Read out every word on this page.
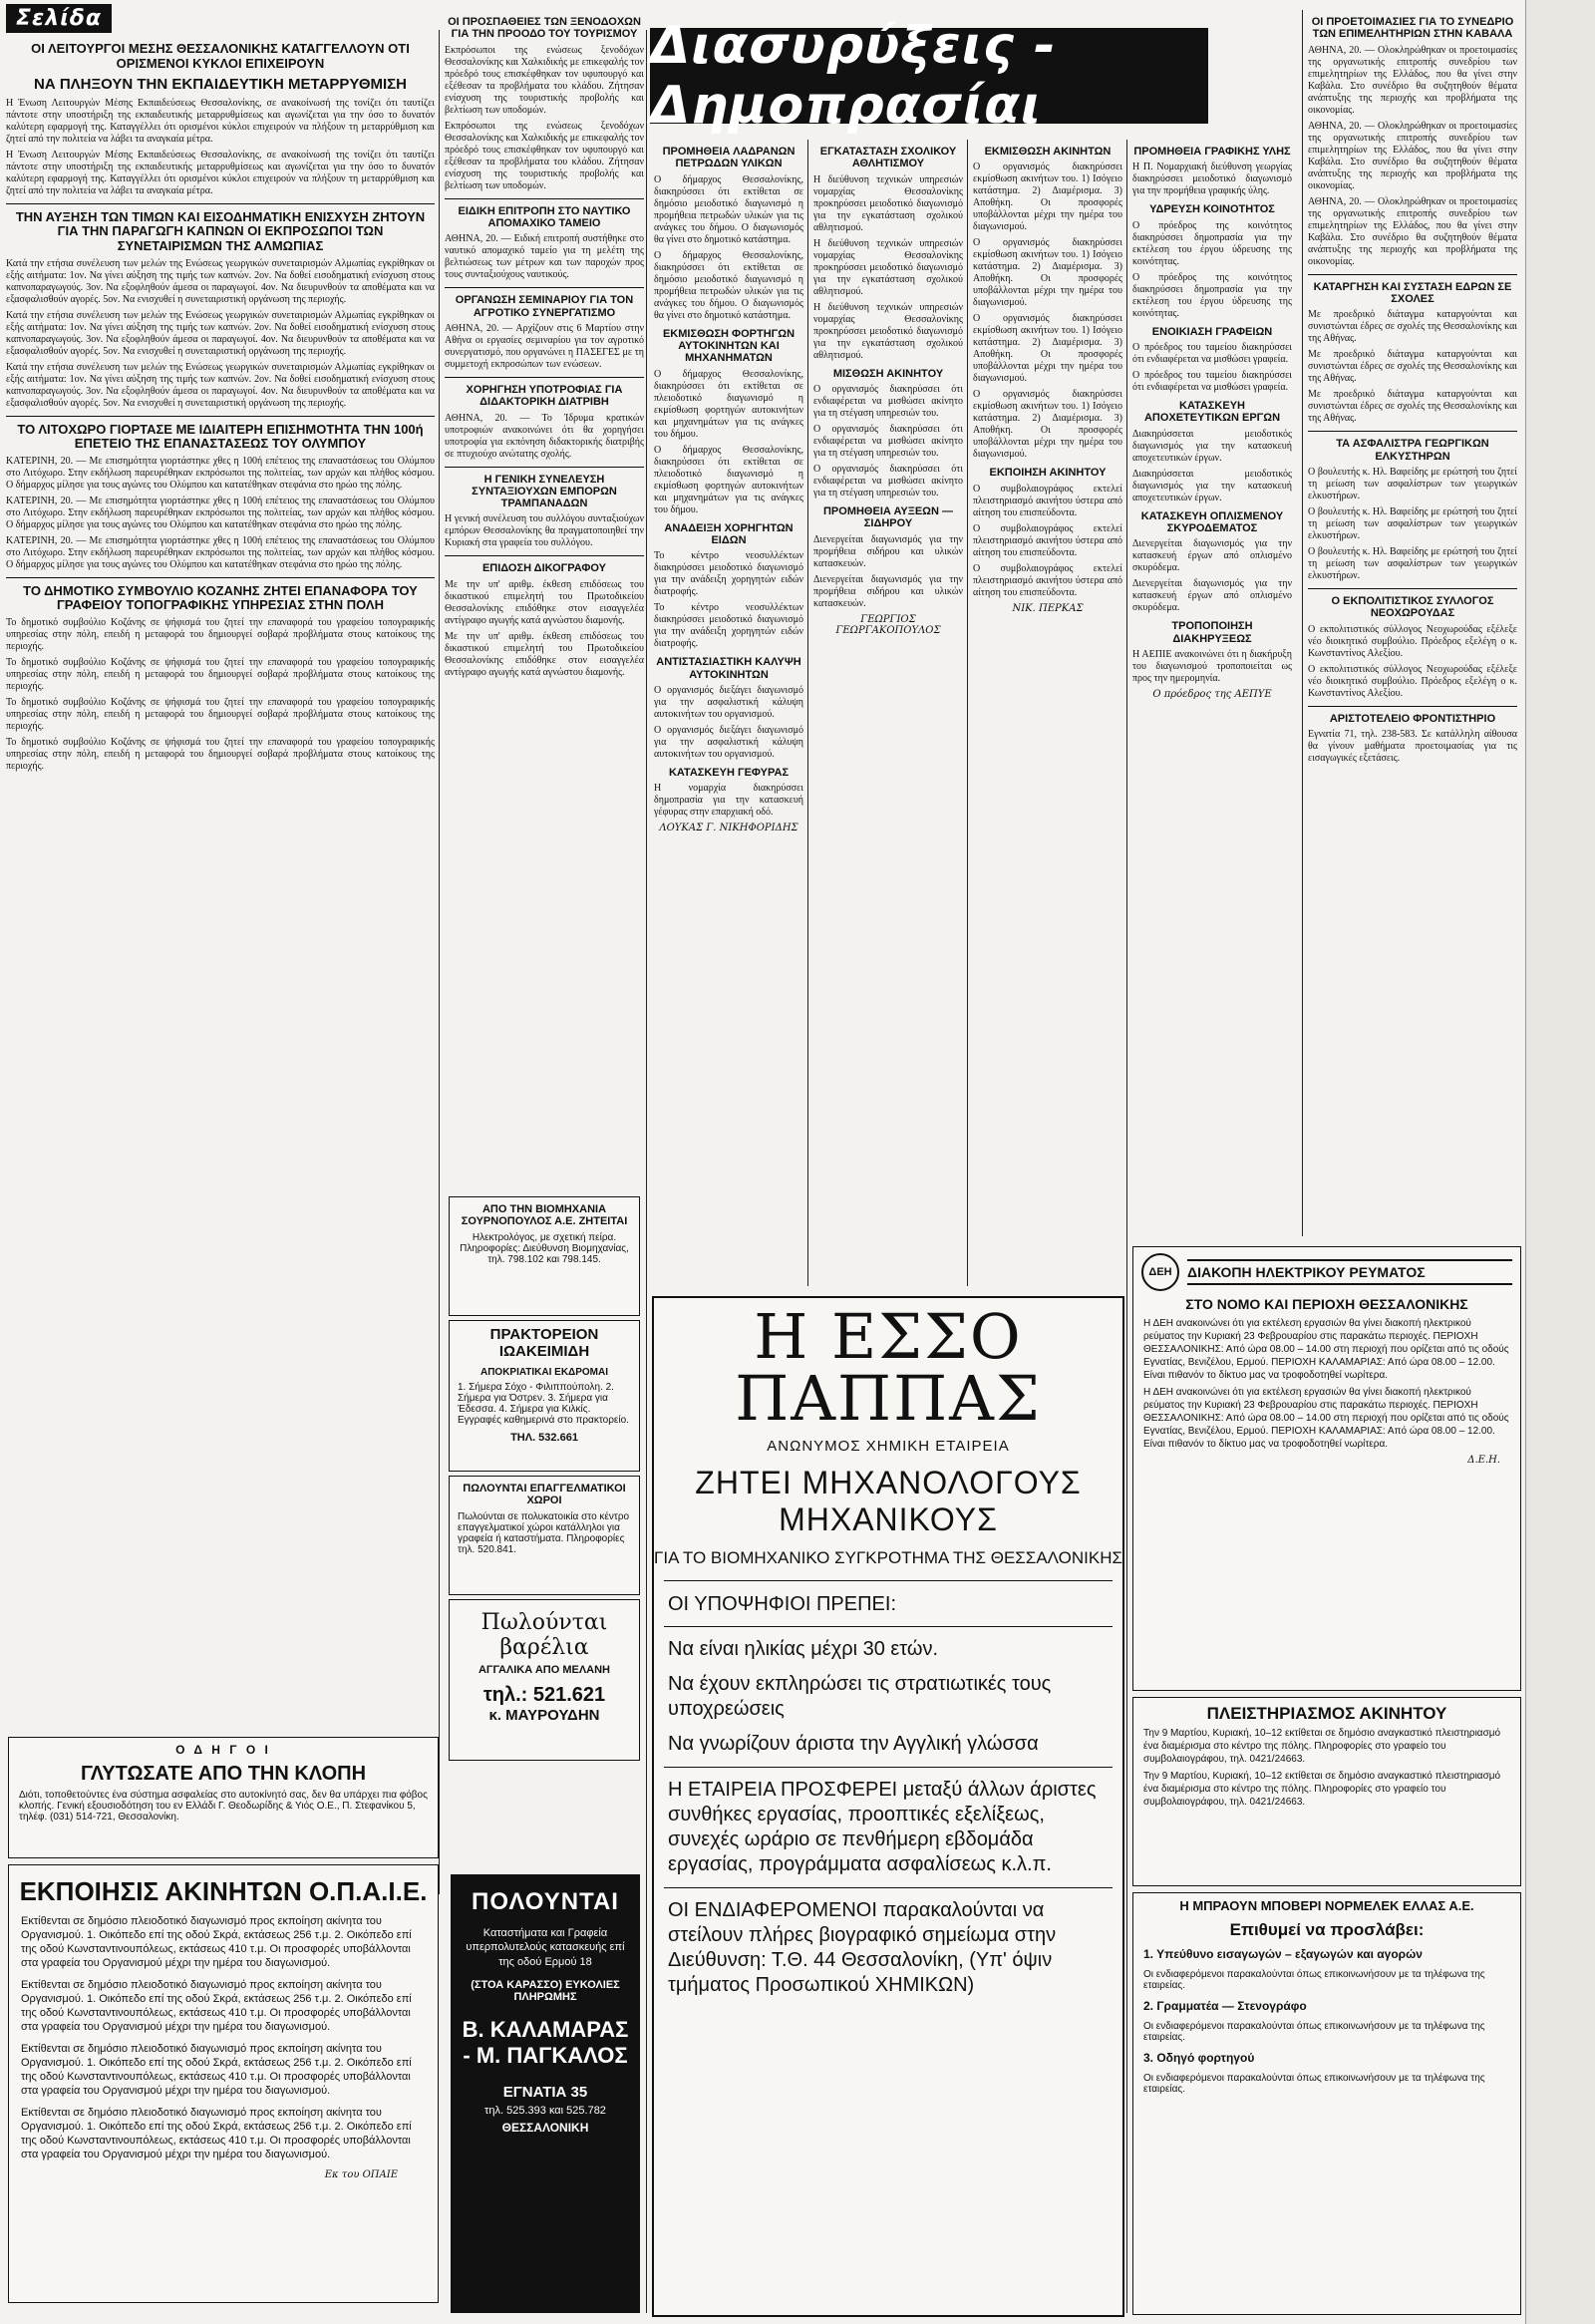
Σελίδα
ΟΙ ΛΕΙΤΟΥΡΓΟΙ ΜΕΣΗΣ ΘΕΣΣΑΛΟΝΙΚΗΣ ΚΑΤΑΓΓΕΛΛΟΥΝ ΟΤΙ ΟΡΙΣΜΕΝΟΙ ΚΥΚΛΟΙ ΕΠΙΧΕΙΡΟΥΝ
ΝΑ ΠΛΗΞΟΥΝ ΤΗΝ ΕΚΠΑΙΔΕΥΤΙΚΗ ΜΕΤΑΡΡΥΘΜΙΣΗ

Η Ένωση Λειτουργών Μέσης Εκπαιδεύσεως Θεσσαλονίκης, σε ανακοίνωσή της τονίζει ότι ταυτίζει πάντοτε στην υποστήριξη της εκπαιδευτικής μεταρρυθμίσεως και αγωνίζεται για την όσο το δυνατόν καλύτερη εφαρμογή της. Καταγγέλλει ότι ορισμένοι κύκλοι επιχειρούν να πλήξουν τη μεταρρύθμιση και ζητεί από την πολιτεία να λάβει τα αναγκαία μέτρα.

Η Ένωση Λειτουργών Μέσης Εκπαιδεύσεως Θεσσαλονίκης, σε ανακοίνωσή της τονίζει ότι ταυτίζει πάντοτε στην υποστήριξη της εκπαιδευτικής μεταρρυθμίσεως και αγωνίζεται για την όσο το δυνατόν καλύτερη εφαρμογή της. Καταγγέλλει ότι ορισμένοι κύκλοι επιχειρούν να πλήξουν τη μεταρρύθμιση και ζητεί από την πολιτεία να λάβει τα αναγκαία μέτρα.

ΤΗΝ ΑΥΞΗΣΗ ΤΩΝ ΤΙΜΩΝ ΚΑΙ ΕΙΣΟΔΗΜΑΤΙΚΗ ΕΝΙΣΧΥΣΗ ΖΗΤΟΥΝ ΓΙΑ ΤΗΝ ΠΑΡΑΓΩΓΗ ΚΑΠΝΩΝ ΟΙ ΕΚΠΡΟΣΩΠΟΙ ΤΩΝ ΣΥΝΕΤΑΙΡΙΣΜΩΝ ΤΗΣ ΑΛΜΩΠΙΑΣ

Κατά την ετήσια συνέλευση των μελών της Ενώσεως γεωργικών συνεταιρισμών Αλμωπίας εγκρίθηκαν οι εξής αιτήματα: 1ον. Να γίνει αύξηση της τιμής των καπνών. 2ον. Να δοθεί εισοδηματική ενίσχυση στους καπνοπαραγωγούς. 3ον. Να εξοφληθούν άμεσα οι παραγωγοί. 4ον. Να διευρυνθούν τα αποθέματα και να εξασφαλισθούν αγορές. 5ον. Να ενισχυθεί η συνεταιριστική οργάνωση της περιοχής.

Κατά την ετήσια συνέλευση των μελών της Ενώσεως γεωργικών συνεταιρισμών Αλμωπίας εγκρίθηκαν οι εξής αιτήματα: 1ον. Να γίνει αύξηση της τιμής των καπνών. 2ον. Να δοθεί εισοδηματική ενίσχυση στους καπνοπαραγωγούς. 3ον. Να εξοφληθούν άμεσα οι παραγωγοί. 4ον. Να διευρυνθούν τα αποθέματα και να εξασφαλισθούν αγορές. 5ον. Να ενισχυθεί η συνεταιριστική οργάνωση της περιοχής.

Κατά την ετήσια συνέλευση των μελών της Ενώσεως γεωργικών συνεταιρισμών Αλμωπίας εγκρίθηκαν οι εξής αιτήματα: 1ον. Να γίνει αύξηση της τιμής των καπνών. 2ον. Να δοθεί εισοδηματική ενίσχυση στους καπνοπαραγωγούς. 3ον. Να εξοφληθούν άμεσα οι παραγωγοί. 4ον. Να διευρυνθούν τα αποθέματα και να εξασφαλισθούν αγορές. 5ον. Να ενισχυθεί η συνεταιριστική οργάνωση της περιοχής.

ΤΟ ΛΙΤΟΧΩΡΟ ΓΙΟΡΤΑΣΕ ΜΕ ΙΔΙΑΙΤΕΡΗ ΕΠΙΣΗΜΟΤΗΤΑ ΤΗΝ 100ή ΕΠΕΤΕΙΟ ΤΗΣ ΕΠΑΝΑΣΤΑΣΕΩΣ ΤΟΥ ΟΛΥΜΠΟΥ

ΚΑΤΕΡΙΝΗ, 20. — Με επισημότητα γιορτάστηκε χθες η 100ή επέτειος της επαναστάσεως του Ολύμπου στο Λιτόχωρο. Στην εκδήλωση παρευρέθηκαν εκπρόσωποι της πολιτείας, των αρχών και πλήθος κόσμου. Ο δήμαρχος μίλησε για τους αγώνες του Ολύμπου και κατατέθηκαν στεφάνια στο ηρώο της πόλης.

ΚΑΤΕΡΙΝΗ, 20. — Με επισημότητα γιορτάστηκε χθες η 100ή επέτειος της επαναστάσεως του Ολύμπου στο Λιτόχωρο. Στην εκδήλωση παρευρέθηκαν εκπρόσωποι της πολιτείας, των αρχών και πλήθος κόσμου. Ο δήμαρχος μίλησε για τους αγώνες του Ολύμπου και κατατέθηκαν στεφάνια στο ηρώο της πόλης.

ΚΑΤΕΡΙΝΗ, 20. — Με επισημότητα γιορτάστηκε χθες η 100ή επέτειος της επαναστάσεως του Ολύμπου στο Λιτόχωρο. Στην εκδήλωση παρευρέθηκαν εκπρόσωποι της πολιτείας, των αρχών και πλήθος κόσμου. Ο δήμαρχος μίλησε για τους αγώνες του Ολύμπου και κατατέθηκαν στεφάνια στο ηρώο της πόλης.

ΤΟ ΔΗΜΟΤΙΚΟ ΣΥΜΒΟΥΛΙΟ ΚΟΖΑΝΗΣ ΖΗΤΕΙ ΕΠΑΝΑΦΟΡΑ ΤΟΥ ΓΡΑΦΕΙΟΥ ΤΟΠΟΓΡΑΦΙΚΗΣ ΥΠΗΡΕΣΙΑΣ ΣΤΗΝ ΠΟΛΗ

Το δημοτικό συμβούλιο Κοζάνης σε ψήφισμά του ζητεί την επαναφορά του γραφείου τοπογραφικής υπηρεσίας στην πόλη, επειδή η μεταφορά του δημιουργεί σοβαρά προβλήματα στους κατοίκους της περιοχής.

Το δημοτικό συμβούλιο Κοζάνης σε ψήφισμά του ζητεί την επαναφορά του γραφείου τοπογραφικής υπηρεσίας στην πόλη, επειδή η μεταφορά του δημιουργεί σοβαρά προβλήματα στους κατοίκους της περιοχής.

Το δημοτικό συμβούλιο Κοζάνης σε ψήφισμά του ζητεί την επαναφορά του γραφείου τοπογραφικής υπηρεσίας στην πόλη, επειδή η μεταφορά του δημιουργεί σοβαρά προβλήματα στους κατοίκους της περιοχής.

Το δημοτικό συμβούλιο Κοζάνης σε ψήφισμά του ζητεί την επαναφορά του γραφείου τοπογραφικής υπηρεσίας στην πόλη, επειδή η μεταφορά του δημιουργεί σοβαρά προβλήματα στους κατοίκους της περιοχής.

ΟΙ ΠΡΟΣΠΑΘΕΙΕΣ ΤΩΝ ΞΕΝΟΔΟΧΩΝ ΓΙΑ ΤΗΝ ΠΡΟΟΔΟ ΤΟΥ ΤΟΥΡΙΣΜΟΥ

Εκπρόσωποι της ενώσεως ξενοδόχων Θεσσαλονίκης και Χαλκιδικής με επικεφαλής τον πρόεδρό τους επισκέφθηκαν τον υφυπουργό και εξέθεσαν τα προβλήματα του κλάδου. Ζήτησαν ενίσχυση της τουριστικής προβολής και βελτίωση των υποδομών.

Εκπρόσωποι της ενώσεως ξενοδόχων Θεσσαλονίκης και Χαλκιδικής με επικεφαλής τον πρόεδρό τους επισκέφθηκαν τον υφυπουργό και εξέθεσαν τα προβλήματα του κλάδου. Ζήτησαν ενίσχυση της τουριστικής προβολής και βελτίωση των υποδομών.

ΕΙΔΙΚΗ ΕΠΙΤΡΟΠΗ ΣΤΟ ΝΑΥΤΙΚΟ ΑΠΟΜΑΧΙΚΟ ΤΑΜΕΙΟ

ΑΘΗΝΑ, 20. — Ειδική επιτροπή συστήθηκε στο ναυτικό απομαχικό ταμείο για τη μελέτη της βελτιώσεως των μέτρων και των παροχών προς τους συνταξιούχους ναυτικούς.

ΟΡΓΑΝΩΣΗ ΣΕΜΙΝΑΡΙΟΥ ΓΙΑ ΤΟΝ ΑΓΡΟΤΙΚΟ ΣΥΝΕΡΓΑΤΙΣΜΟ

ΑΘΗΝΑ, 20. — Αρχίζουν στις 6 Μαρτίου στην Αθήνα οι εργασίες σεμιναρίου για τον αγροτικό συνεργατισμό, που οργανώνει η ΠΑΣΕΓΕΣ με τη συμμετοχή εκπροσώπων των ενώσεων.

ΧΟΡΗΓΗΣΗ ΥΠΟΤΡΟΦΙΑΣ ΓΙΑ ΔΙΔΑΚΤΟΡΙΚΗ ΔΙΑΤΡΙΒΗ

ΑΘΗΝΑ, 20. — Το Ίδρυμα κρατικών υποτροφιών ανακοινώνει ότι θα χορηγήσει υποτροφία για εκπόνηση διδακτορικής διατριβής σε πτυχιούχο ανώτατης σχολής.

Η ΓΕΝΙΚΗ ΣΥΝΕΛΕΥΣΗ ΣΥΝΤΑΞΙΟΥΧΩΝ ΕΜΠΟΡΩΝ ΤΡΑΜΠΑΝΑΔΩΝ

Η γενική συνέλευση του συλλόγου συνταξιούχων εμπόρων Θεσσαλονίκης θα πραγματοποιηθεί την Κυριακή στα γραφεία του συλλόγου.

ΕΠΙΔΟΣΗ ΔΙΚΟΓΡΑΦΟΥ

Με την υπ' αριθμ. έκθεση επιδόσεως του δικαστικού επιμελητή του Πρωτοδικείου Θεσσαλονίκης επιδόθηκε στον εισαγγελέα αντίγραφο αγωγής κατά αγνώστου διαμονής.

Με την υπ' αριθμ. έκθεση επιδόσεως του δικαστικού επιμελητή του Πρωτοδικείου Θεσσαλονίκης επιδόθηκε στον εισαγγελέα αντίγραφο αγωγής κατά αγνώστου διαμονής.

ΑΠΟ ΤΗΝ ΒΙΟΜΗΧΑΝΙΑ ΣΟΥΡΝΟΠΟΥΛΟΣ Α.Ε. ΖΗΤΕΙΤΑΙ

Ηλεκτρολόγος, με σχετική πείρα. Πληροφορίες: Διεύθυνση Βιομηχανίας, τηλ. 798.102 και 798.145.

ΠΡΑΚΤΟΡΕΙΟΝ ΙΩΑΚΕΙΜΙΔΗ
ΑΠΟΚΡΙΑΤΙΚΑΙ ΕΚΔΡΟΜΑΙ

1. Σήμερα Σόχο - Φιλιππούπολη. 2. Σήμερα για Όστρεν. 3. Σήμερα για Έδεσσα. 4. Σήμερα για Κιλκίς. Εγγραφές καθημερινά στο πρακτορείο.

ΤΗΛ. 532.661
ΠΩΛΟΥΝΤΑΙ ΕΠΑΓΓΕΛΜΑΤΙΚΟΙ ΧΩΡΟΙ

Πωλούνται σε πολυκατοικία στο κέντρο επαγγελματικοί χώροι κατάλληλοι για γραφεία ή καταστήματα. Πληροφορίες τηλ. 520.841.

Πωλούνται
βαρέλια
ΑΓΓΑΛΙΚΑ ΑΠΟ ΜΕΛΑΝΗ
τηλ.: 521.621
κ. ΜΑΥΡΟΥΔΗΝ
ΠΟΛΟΥΝΤΑΙ
Καταστήματα και Γραφεία υπερπολυτελούς κατασκευής επί της οδού Ερμού 18
(ΣΤΟΑ ΚΑΡΑΣΣΟ) ΕΥΚΟΛΙΕΣ ΠΛΗΡΩΜΗΣ
Β. ΚΑΛΑΜΑΡΑΣ - Μ. ΠΑΓΚΑΛΟΣ
ΕΓΝΑΤΙΑ 35
τηλ. 525.393 και 525.782
ΘΕΣΣΑΛΟΝΙΚΗ
Ο Δ Η Γ Ο Ι
ΓΛΥΤΩΣΑΤΕ ΑΠΟ ΤΗΝ ΚΛΟΠΗ

Διότι, τοποθετούντες ένα σύστημα ασφαλείας στο αυτοκίνητό σας, δεν θα υπάρχει πια φόβος κλοπής. Γενική εξουσιοδότηση του εν Ελλάδι Γ. Θεοδωρίδης & Υιός Ο.Ε., Π. Στεφανίκου 5, τηλέφ. (031) 514-721, Θεσσαλονίκη.

ΕΚΠΟΙΗΣΙΣ ΑΚΙΝΗΤΩΝ Ο.Π.Α.Ι.Ε.

Εκτίθενται σε δημόσιο πλειοδοτικό διαγωνισμό προς εκποίηση ακίνητα του Οργανισμού. 1. Οικόπεδο επί της οδού Σκρά, εκτάσεως 256 τ.μ. 2. Οικόπεδο επί της οδού Κωνσταντινουπόλεως, εκτάσεως 410 τ.μ. Οι προσφορές υποβάλλονται στα γραφεία του Οργανισμού μέχρι την ημέρα του διαγωνισμού.

Εκτίθενται σε δημόσιο πλειοδοτικό διαγωνισμό προς εκποίηση ακίνητα του Οργανισμού. 1. Οικόπεδο επί της οδού Σκρά, εκτάσεως 256 τ.μ. 2. Οικόπεδο επί της οδού Κωνσταντινουπόλεως, εκτάσεως 410 τ.μ. Οι προσφορές υποβάλλονται στα γραφεία του Οργανισμού μέχρι την ημέρα του διαγωνισμού.

Εκτίθενται σε δημόσιο πλειοδοτικό διαγωνισμό προς εκποίηση ακίνητα του Οργανισμού. 1. Οικόπεδο επί της οδού Σκρά, εκτάσεως 256 τ.μ. 2. Οικόπεδο επί της οδού Κωνσταντινουπόλεως, εκτάσεως 410 τ.μ. Οι προσφορές υποβάλλονται στα γραφεία του Οργανισμού μέχρι την ημέρα του διαγωνισμού.

Εκτίθενται σε δημόσιο πλειοδοτικό διαγωνισμό προς εκποίηση ακίνητα του Οργανισμού. 1. Οικόπεδο επί της οδού Σκρά, εκτάσεως 256 τ.μ. 2. Οικόπεδο επί της οδού Κωνσταντινουπόλεως, εκτάσεως 410 τ.μ. Οι προσφορές υποβάλλονται στα γραφεία του Οργανισμού μέχρι την ημέρα του διαγωνισμού.

Εκ του ΟΠΑΙΕ
Διασυρύξεις - Δημοπρασίαι
ΠΡΟΜΗΘΕΙΑ ΛΑΔΡΑΝΩΝ ΠΕΤΡΩΔΩΝ ΥΛΙΚΩΝ

Ο δήμαρχος Θεσσαλονίκης, διακηρύσσει ότι εκτίθεται σε δημόσιο μειοδοτικό διαγωνισμό η προμήθεια πετρωδών υλικών για τις ανάγκες του δήμου. Ο διαγωνισμός θα γίνει στο δημοτικό κατάστημα.

Ο δήμαρχος Θεσσαλονίκης, διακηρύσσει ότι εκτίθεται σε δημόσιο μειοδοτικό διαγωνισμό η προμήθεια πετρωδών υλικών για τις ανάγκες του δήμου. Ο διαγωνισμός θα γίνει στο δημοτικό κατάστημα.

ΕΚΜΙΣΘΩΣΗ ΦΟΡΤΗΓΩΝ ΑΥΤΟΚΙΝΗΤΩΝ ΚΑΙ ΜΗΧΑΝΗΜΑΤΩΝ

Ο δήμαρχος Θεσσαλονίκης, διακηρύσσει ότι εκτίθεται σε πλειοδοτικό διαγωνισμό η εκμίσθωση φορτηγών αυτοκινήτων και μηχανημάτων για τις ανάγκες του δήμου.

Ο δήμαρχος Θεσσαλονίκης, διακηρύσσει ότι εκτίθεται σε πλειοδοτικό διαγωνισμό η εκμίσθωση φορτηγών αυτοκινήτων και μηχανημάτων για τις ανάγκες του δήμου.

ΑΝΑΔΕΙΞΗ ΧΟΡΗΓΗΤΩΝ ΕΙΔΩΝ

Το κέντρο νεοσυλλέκτων διακηρύσσει μειοδοτικό διαγωνισμό για την ανάδειξη χορηγητών ειδών διατροφής.

Το κέντρο νεοσυλλέκτων διακηρύσσει μειοδοτικό διαγωνισμό για την ανάδειξη χορηγητών ειδών διατροφής.

ΑΝΤΙΣΤΑΣΙΑΣΤΙΚΗ ΚΑΛΥΨΗ ΑΥΤΟΚΙΝΗΤΩΝ

Ο οργανισμός διεξάγει διαγωνισμό για την ασφαλιστική κάλυψη αυτοκινήτων του οργανισμού.

Ο οργανισμός διεξάγει διαγωνισμό για την ασφαλιστική κάλυψη αυτοκινήτων του οργανισμού.

ΚΑΤΑΣΚΕΥΗ ΓΕΦΥΡΑΣ

Η νομαρχία διακηρύσσει δημοπρασία για την κατασκευή γέφυρας στην επαρχιακή οδό.

ΛΟΥΚΑΣ Γ. ΝΙΚΗΦΟΡΙΔΗΣ
ΕΓΚΑΤΑΣΤΑΣΗ ΣΧΟΛΙΚΟΥ ΑΘΛΗΤΙΣΜΟΥ

Η διεύθυνση τεχνικών υπηρεσιών νομαρχίας Θεσσαλονίκης προκηρύσσει μειοδοτικό διαγωνισμό για την εγκατάσταση σχολικού αθλητισμού.

Η διεύθυνση τεχνικών υπηρεσιών νομαρχίας Θεσσαλονίκης προκηρύσσει μειοδοτικό διαγωνισμό για την εγκατάσταση σχολικού αθλητισμού.

Η διεύθυνση τεχνικών υπηρεσιών νομαρχίας Θεσσαλονίκης προκηρύσσει μειοδοτικό διαγωνισμό για την εγκατάσταση σχολικού αθλητισμού.

ΜΙΣΘΩΣΗ ΑΚΙΝΗΤΟΥ

Ο οργανισμός διακηρύσσει ότι ενδιαφέρεται να μισθώσει ακίνητο για τη στέγαση υπηρεσιών του.

Ο οργανισμός διακηρύσσει ότι ενδιαφέρεται να μισθώσει ακίνητο για τη στέγαση υπηρεσιών του.

Ο οργανισμός διακηρύσσει ότι ενδιαφέρεται να μισθώσει ακίνητο για τη στέγαση υπηρεσιών του.

ΠΡΟΜΗΘΕΙΑ ΑΥΞΕΩΝ — ΣΙΔΗΡΟΥ

Διενεργείται διαγωνισμός για την προμήθεια σιδήρου και υλικών κατασκευών.

Διενεργείται διαγωνισμός για την προμήθεια σιδήρου και υλικών κατασκευών.

ΓΕΩΡΓΙΟΣ ΓΕΩΡΓΑΚΟΠΟΥΛΟΣ
ΕΚΜΙΣΘΩΣΗ ΑΚΙΝΗΤΩΝ

Ο οργανισμός διακηρύσσει εκμίσθωση ακινήτων του. 1) Ισόγειο κατάστημα. 2) Διαμέρισμα. 3) Αποθήκη. Οι προσφορές υποβάλλονται μέχρι την ημέρα του διαγωνισμού.

Ο οργανισμός διακηρύσσει εκμίσθωση ακινήτων του. 1) Ισόγειο κατάστημα. 2) Διαμέρισμα. 3) Αποθήκη. Οι προσφορές υποβάλλονται μέχρι την ημέρα του διαγωνισμού.

Ο οργανισμός διακηρύσσει εκμίσθωση ακινήτων του. 1) Ισόγειο κατάστημα. 2) Διαμέρισμα. 3) Αποθήκη. Οι προσφορές υποβάλλονται μέχρι την ημέρα του διαγωνισμού.

Ο οργανισμός διακηρύσσει εκμίσθωση ακινήτων του. 1) Ισόγειο κατάστημα. 2) Διαμέρισμα. 3) Αποθήκη. Οι προσφορές υποβάλλονται μέχρι την ημέρα του διαγωνισμού.

ΕΚΠΟΙΗΣΗ ΑΚΙΝΗΤΟΥ

Ο συμβολαιογράφος εκτελεί πλειστηριασμό ακινήτου ύστερα από αίτηση του επισπεύδοντα.

Ο συμβολαιογράφος εκτελεί πλειστηριασμό ακινήτου ύστερα από αίτηση του επισπεύδοντα.

Ο συμβολαιογράφος εκτελεί πλειστηριασμό ακινήτου ύστερα από αίτηση του επισπεύδοντα.

ΝΙΚ. ΠΕΡΚΑΣ
ΠΡΟΜΗΘΕΙΑ ΓΡΑΦΙΚΗΣ ΥΛΗΣ

Η Π. Νομαρχιακή διεύθυνση γεωργίας διακηρύσσει μειοδοτικό διαγωνισμό για την προμήθεια γραφικής ύλης.

ΥΔΡΕΥΣΗ ΚΟΙΝΟΤΗΤΟΣ

Ο πρόεδρος της κοινότητος διακηρύσσει δημοπρασία για την εκτέλεση του έργου ύδρευσης της κοινότητας.

Ο πρόεδρος της κοινότητος διακηρύσσει δημοπρασία για την εκτέλεση του έργου ύδρευσης της κοινότητας.

ΕΝΟΙΚΙΑΣΗ ΓΡΑΦΕΙΩΝ

Ο πρόεδρος του ταμείου διακηρύσσει ότι ενδιαφέρεται να μισθώσει γραφεία.

Ο πρόεδρος του ταμείου διακηρύσσει ότι ενδιαφέρεται να μισθώσει γραφεία.

ΚΑΤΑΣΚΕΥΗ ΑΠΟΧΕΤΕΥΤΙΚΩΝ ΕΡΓΩΝ

Διακηρύσσεται μειοδοτικός διαγωνισμός για την κατασκευή αποχετευτικών έργων.

Διακηρύσσεται μειοδοτικός διαγωνισμός για την κατασκευή αποχετευτικών έργων.

ΚΑΤΑΣΚΕΥΗ ΟΠΛΙΣΜΕΝΟΥ ΣΚΥΡΟΔΕΜΑΤΟΣ

Διενεργείται διαγωνισμός για την κατασκευή έργων από οπλισμένο σκυρόδεμα.

Διενεργείται διαγωνισμός για την κατασκευή έργων από οπλισμένο σκυρόδεμα.

ΤΡΟΠΟΠΟΙΗΣΗ ΔΙΑΚΗΡΥΞΕΩΣ

Η ΑΕΠΙΕ ανακοινώνει ότι η διακήρυξη του διαγωνισμού τροποποιείται ως προς την ημερομηνία.

Ο πρόεδρος της ΑΕΠΥΕ
Η ΕΣΣΟ ΠΑΠΠΑΣ
ΑΝΩΝΥΜΟΣ ΧΗΜΙΚΗ ΕΤΑΙΡΕΙΑ
ΖΗΤΕΙ ΜΗΧΑΝΟΛΟΓΟΥΣ ΜΗΧΑΝΙΚΟΥΣ
ΓΙΑ ΤΟ ΒΙΟΜΗΧΑΝΙΚΟ ΣΥΓΚΡΟΤΗΜΑ ΤΗΣ ΘΕΣΣΑΛΟΝΙΚΗΣ
ΟΙ ΥΠΟΨΗΦΙΟΙ ΠΡΕΠΕΙ:
Να είναι ηλικίας μέχρι 30 ετών.
Να έχουν εκπληρώσει τις στρατιωτικές τους υποχρεώσεις
Να γνωρίζουν άριστα την Αγγλική γλώσσα
Η ΕΤΑΙΡΕΙΑ ΠΡΟΣΦΕΡΕΙ μεταξύ άλλων άριστες συνθήκες εργασίας, προοπτικές εξελίξεως, συνεχές ωράριο σε πενθήμερη εβδομάδα εργασίας, προγράμματα ασφαλίσεως κ.λ.π.
ΟΙ ΕΝΔΙΑΦΕΡΟΜΕΝΟΙ παρακαλούνται να στείλουν πλήρες βιογραφικό σημείωμα στην Διεύθυνση: Τ.Θ. 44 Θεσσαλονίκη, (Υπ' όψιν τμήματος Προσωπικού ΧΗΜΙΚΩΝ)
ΟΙ ΠΡΟΕΤΟΙΜΑΣΙΕΣ ΓΙΑ ΤΟ ΣΥΝΕΔΡΙΟ ΤΩΝ ΕΠΙΜΕΛΗΤΗΡΙΩΝ ΣΤΗΝ ΚΑΒΑΛΑ

ΑΘΗΝΑ, 20. — Ολοκληρώθηκαν οι προετοιμασίες της οργανωτικής επιτροπής συνεδρίου των επιμελητηρίων της Ελλάδος, που θα γίνει στην Καβάλα. Στο συνέδριο θα συζητηθούν θέματα ανάπτυξης της περιοχής και προβλήματα της οικονομίας.

ΑΘΗΝΑ, 20. — Ολοκληρώθηκαν οι προετοιμασίες της οργανωτικής επιτροπής συνεδρίου των επιμελητηρίων της Ελλάδος, που θα γίνει στην Καβάλα. Στο συνέδριο θα συζητηθούν θέματα ανάπτυξης της περιοχής και προβλήματα της οικονομίας.

ΑΘΗΝΑ, 20. — Ολοκληρώθηκαν οι προετοιμασίες της οργανωτικής επιτροπής συνεδρίου των επιμελητηρίων της Ελλάδος, που θα γίνει στην Καβάλα. Στο συνέδριο θα συζητηθούν θέματα ανάπτυξης της περιοχής και προβλήματα της οικονομίας.

ΚΑΤΑΡΓΗΣΗ ΚΑΙ ΣΥΣΤΑΣΗ ΕΔΡΩΝ ΣΕ ΣΧΟΛΕΣ

Με προεδρικό διάταγμα καταργούνται και συνιστώνται έδρες σε σχολές της Θεσσαλονίκης και της Αθήνας.

Με προεδρικό διάταγμα καταργούνται και συνιστώνται έδρες σε σχολές της Θεσσαλονίκης και της Αθήνας.

Με προεδρικό διάταγμα καταργούνται και συνιστώνται έδρες σε σχολές της Θεσσαλονίκης και της Αθήνας.

ΤΑ ΑΣΦΑΛΙΣΤΡΑ ΓΕΩΡΓΙΚΩΝ ΕΛΚΥΣΤΗΡΩΝ

Ο βουλευτής κ. Ηλ. Βαφείδης με ερώτησή του ζητεί τη μείωση των ασφαλίστρων των γεωργικών ελκυστήρων.

Ο βουλευτής κ. Ηλ. Βαφείδης με ερώτησή του ζητεί τη μείωση των ασφαλίστρων των γεωργικών ελκυστήρων.

Ο βουλευτής κ. Ηλ. Βαφείδης με ερώτησή του ζητεί τη μείωση των ασφαλίστρων των γεωργικών ελκυστήρων.

Ο ΕΚΠΟΛΙΤΙΣΤΙΚΟΣ ΣΥΛΛΟΓΟΣ ΝΕΟΧΩΡΟΥΔΑΣ

Ο εκπολιτιστικός σύλλογος Νεοχωρούδας εξέλεξε νέο διοικητικό συμβούλιο. Πρόεδρος εξελέγη ο κ. Κωνσταντίνος Αλεξίου.

Ο εκπολιτιστικός σύλλογος Νεοχωρούδας εξέλεξε νέο διοικητικό συμβούλιο. Πρόεδρος εξελέγη ο κ. Κωνσταντίνος Αλεξίου.

ΑΡΙΣΤΟΤΕΛΕΙΟ ΦΡΟΝΤΙΣΤΗΡΙΟ

Εγνατία 71, τηλ. 238-583. Σε κατάλληλη αίθουσα θα γίνουν μαθήματα προετοιμασίας για τις εισαγωγικές εξετάσεις.

ΔΕΗ	ΔΙΑΚΟΠΗ ΗΛΕΚΤΡΙΚΟΥ ΡΕΥΜΑΤΟΣ
ΣΤΟ ΝΟΜΟ ΚΑΙ ΠΕΡΙΟΧΗ ΘΕΣΣΑΛΟΝΙΚΗΣ

Η ΔΕΗ ανακοινώνει ότι για εκτέλεση εργασιών θα γίνει διακοπή ηλεκτρικού ρεύματος την Κυριακή 23 Φεβρουαρίου στις παρακάτω περιοχές. ΠΕΡΙΟΧΗ ΘΕΣΣΑΛΟΝΙΚΗΣ: Από ώρα 08.00 – 14.00 στη περιοχή που ορίζεται από τις οδούς Εγνατίας, Βενιζέλου, Ερμού. ΠΕΡΙΟΧΗ ΚΑΛΑΜΑΡΙΑΣ: Από ώρα 08.00 – 12.00. Είναι πιθανόν το δίκτυο μας να τροφοδοτηθεί νωρίτερα.

Η ΔΕΗ ανακοινώνει ότι για εκτέλεση εργασιών θα γίνει διακοπή ηλεκτρικού ρεύματος την Κυριακή 23 Φεβρουαρίου στις παρακάτω περιοχές. ΠΕΡΙΟΧΗ ΘΕΣΣΑΛΟΝΙΚΗΣ: Από ώρα 08.00 – 14.00 στη περιοχή που ορίζεται από τις οδούς Εγνατίας, Βενιζέλου, Ερμού. ΠΕΡΙΟΧΗ ΚΑΛΑΜΑΡΙΑΣ: Από ώρα 08.00 – 12.00. Είναι πιθανόν το δίκτυο μας να τροφοδοτηθεί νωρίτερα.

Δ.Ε.Η.
ΠΛΕΙΣΤΗΡΙΑΣΜΟΣ ΑΚΙΝΗΤΟΥ

Την 9 Μαρτίου, Κυριακή, 10–12 εκτίθεται σε δημόσιο αναγκαστικό πλειστηριασμό ένα διαμέρισμα στο κέντρο της πόλης. Πληροφορίες στο γραφείο του συμβολαιογράφου, τηλ. 0421/24663.

Την 9 Μαρτίου, Κυριακή, 10–12 εκτίθεται σε δημόσιο αναγκαστικό πλειστηριασμό ένα διαμέρισμα στο κέντρο της πόλης. Πληροφορίες στο γραφείο του συμβολαιογράφου, τηλ. 0421/24663.

Η ΜΠΡΑΟΥΝ ΜΠΟΒΕΡΙ ΝΟΡΜΕΛΕΚ ΕΛΛΑΣ Α.Ε.
Επιθυμεί να προσλάβει:

1. Υπεύθυνο εισαγωγών – εξαγωγών και αγορών

Οι ενδιαφερόμενοι παρακαλούνται όπως επικοινωνήσουν με τα τηλέφωνα της εταιρείας.

2. Γραμματέα — Στενογράφο

Οι ενδιαφερόμενοι παρακαλούνται όπως επικοινωνήσουν με τα τηλέφωνα της εταιρείας.

3. Οδηγό φορτηγού

Οι ενδιαφερόμενοι παρακαλούνται όπως επικοινωνήσουν με τα τηλέφωνα της εταιρείας.
